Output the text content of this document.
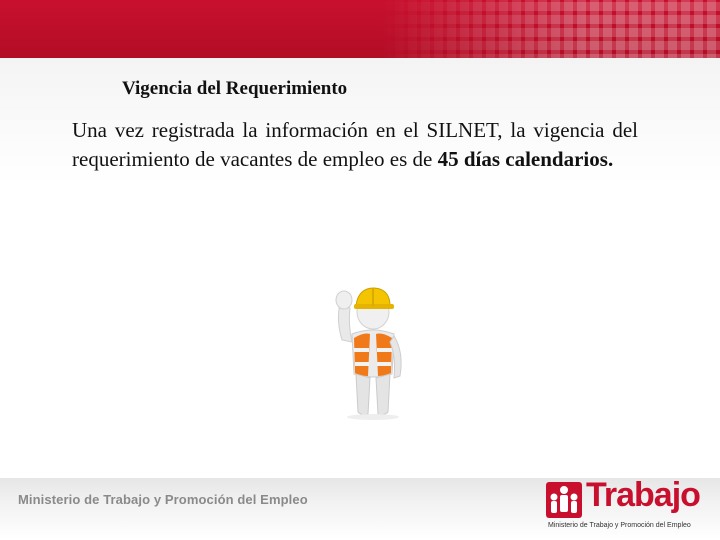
Vigencia del Requerimiento

Una vez registrada la información en el SILNET, la vigencia del requerimiento de vacantes de empleo es de 45 días calendarios.

Ministerio de Trabajo y Promoción del Empleo	Trabajo
Ministerio de Trabajo y Promoción del Empleo
